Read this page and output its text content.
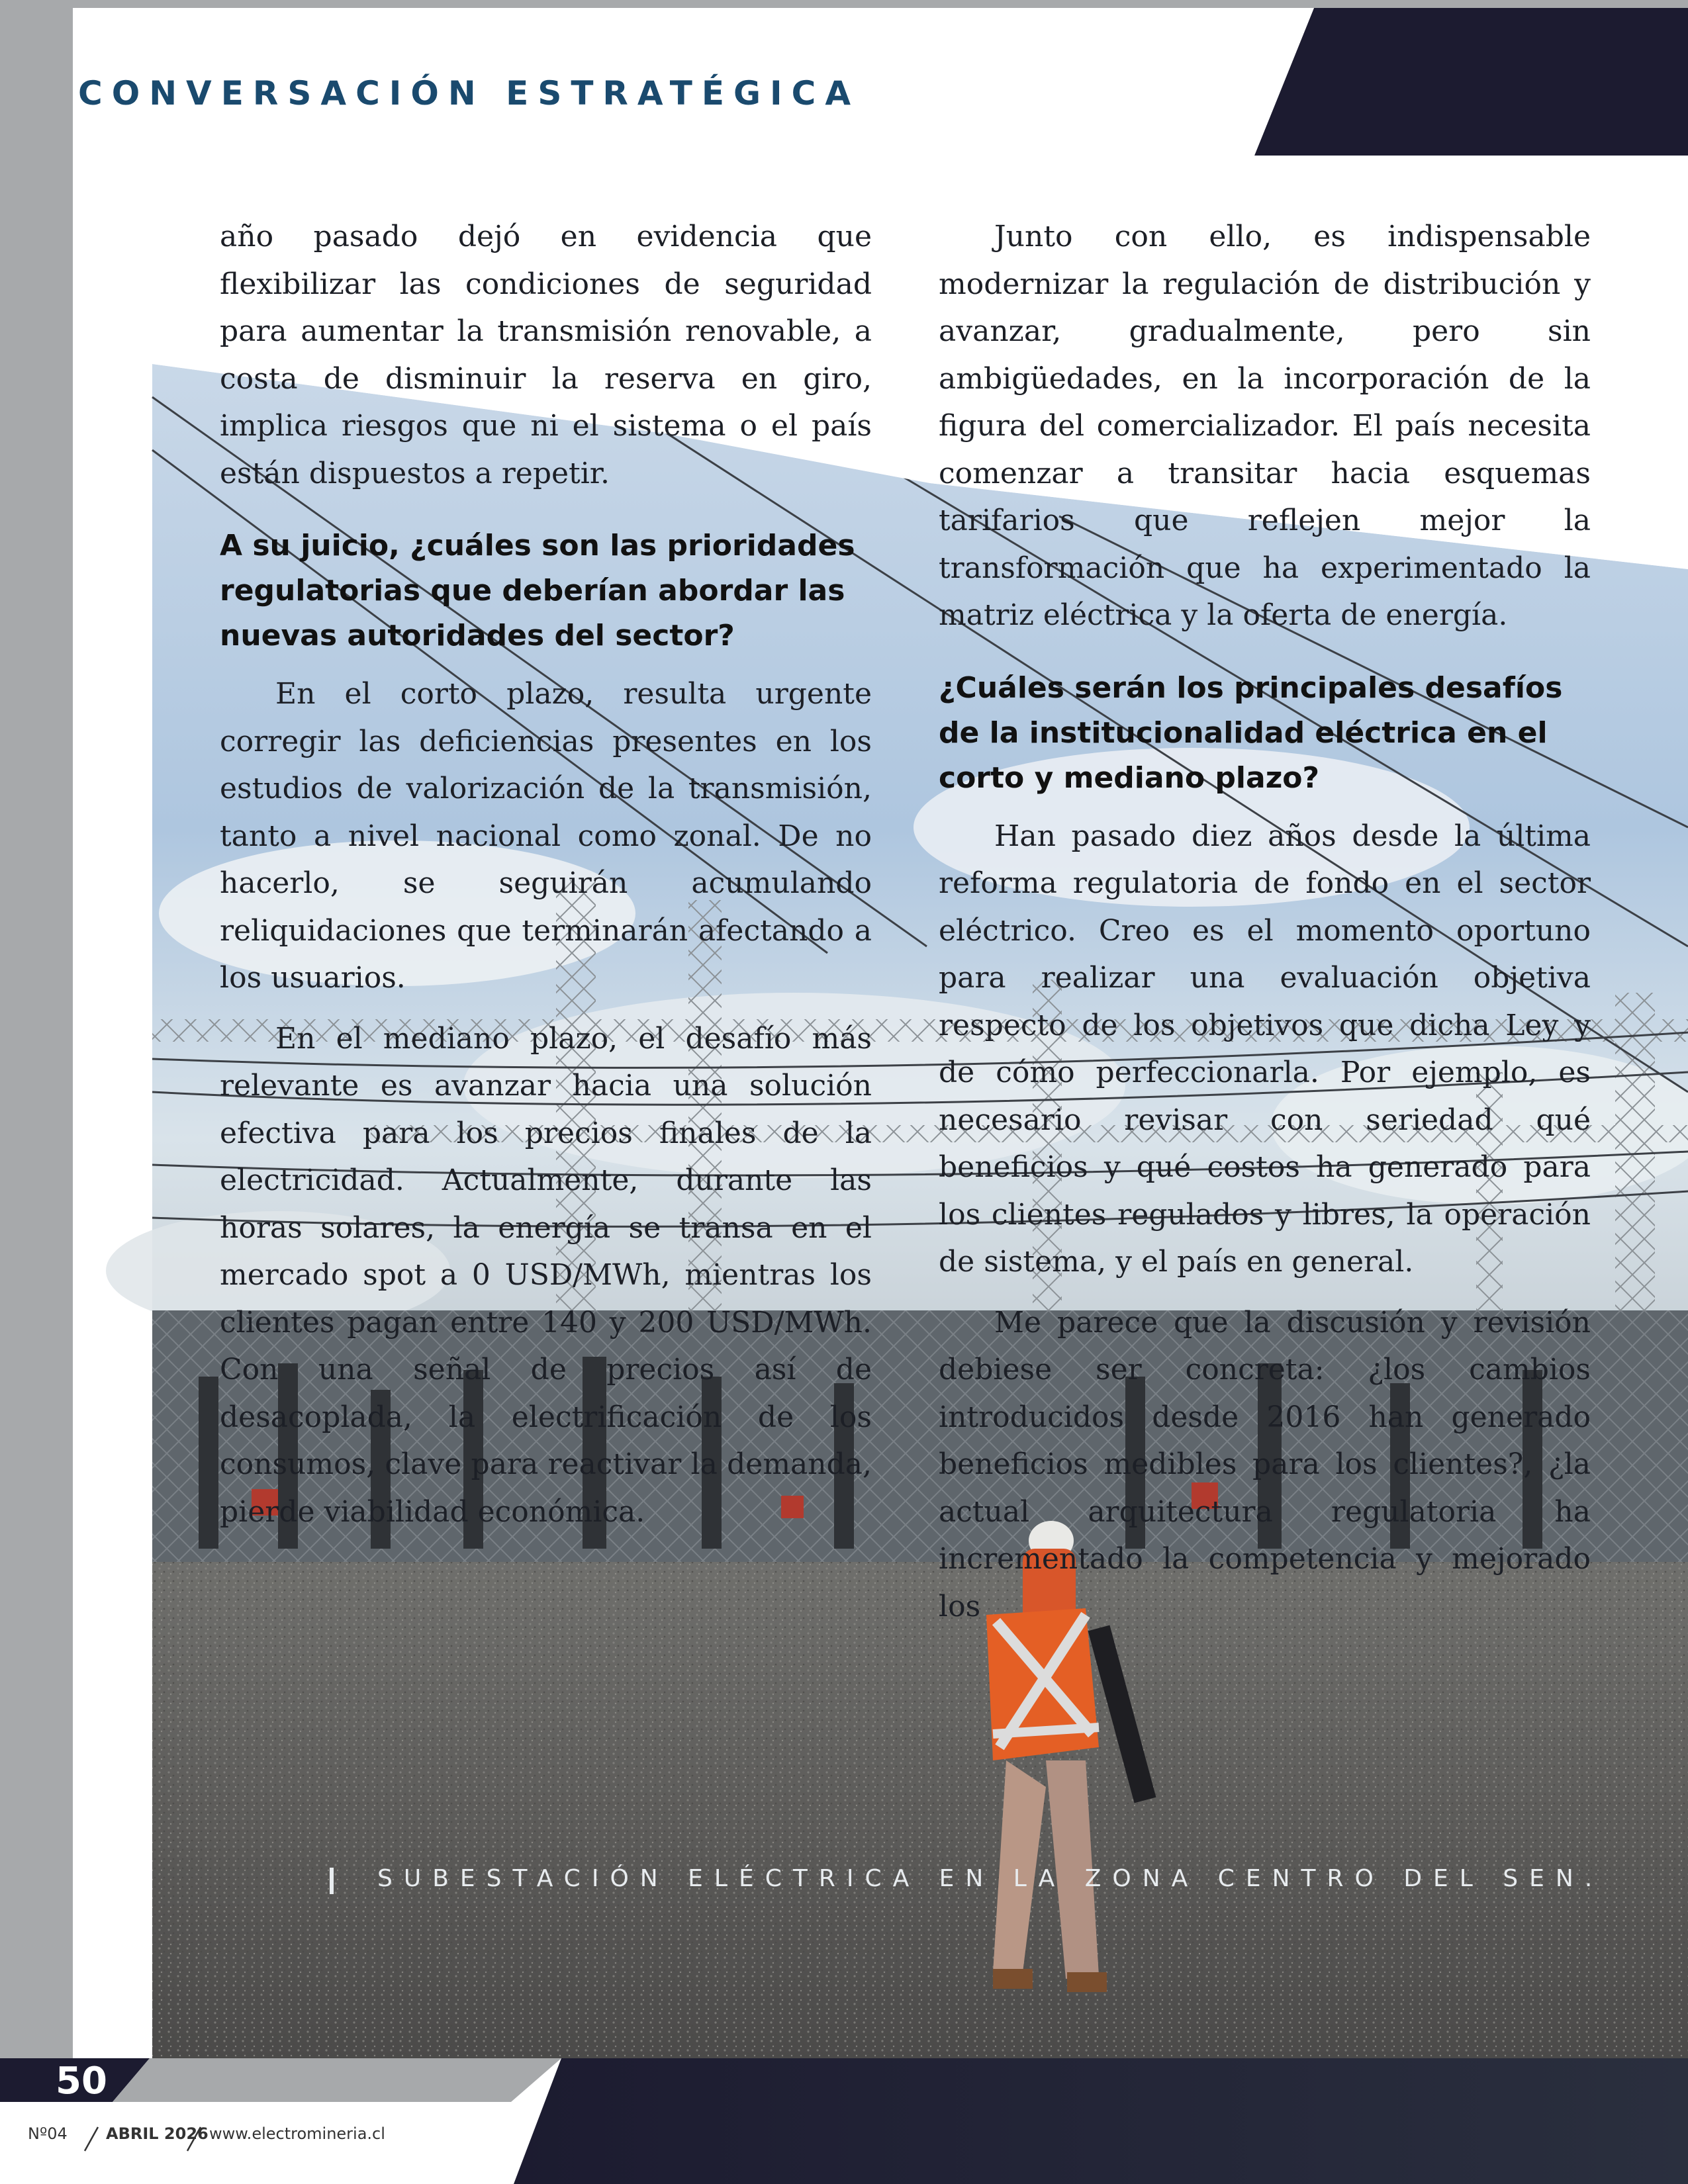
CONVERSACIÓN ESTRATÉGICA

año pasado dejó en evidencia que flexibilizar las condiciones de seguridad para aumentar la transmisión renovable, a costa de disminuir la reserva en giro, implica riesgos que ni el sistema o el país están dispuestos a repetir.

A su juicio, ¿cuáles son las prioridades regulatorias que deberían abordar las nuevas autoridades del sector?

En el corto plazo, resulta urgente corregir las deficiencias presentes en los estudios de valorización de la transmisión, tanto a nivel nacional como zonal. De no hacerlo, se seguirán acumulando reliquidaciones que terminarán afectando a los usuarios.

En el mediano plazo, el desafío más relevante es avanzar hacia una solución efectiva para los precios finales de la electricidad. Actualmente, durante las horas solares, la energía se transa en el mercado spot a 0 USD/MWh, mientras los clientes pagan entre 140 y 200 USD/MWh. Con una señal de precios así de desacoplada, la electrificación de los consumos, clave para reactivar la demanda, pierde viabilidad económica.

Junto con ello, es indispensable modernizar la regulación de distribución y avanzar, gradualmente, pero sin ambigüedades, en la incorporación de la figura del comercializador. El país necesita comenzar a transitar hacia esquemas tarifarios que reflejen mejor la transformación que ha experimentado la matriz eléctrica y la oferta de energía.

¿Cuáles serán los principales desafíos de la institucionalidad eléctrica en el corto y mediano plazo?

Han pasado diez años desde la última reforma regulatoria de fondo en el sector eléctrico. Creo es el momento oportuno para realizar una evaluación objetiva respecto de los objetivos que dicha Ley y de cómo perfeccionarla. Por ejemplo, es necesario revisar con seriedad qué beneficios y qué costos ha generado para los clientes regulados y libres, la operación de sistema, y el país en general.

Me parece que la discusión y revisión debiese ser concreta: ¿los cambios introducidos desde 2016 han generado beneficios medibles para los clientes?, ¿la actual arquitectura regulatoria ha incrementado la competencia y mejorado los

SUBESTACIÓN ELÉCTRICA EN LA ZONA CENTRO DEL SEN.
50
Nº04 ABRIL 2026 www.electromineria.cl
